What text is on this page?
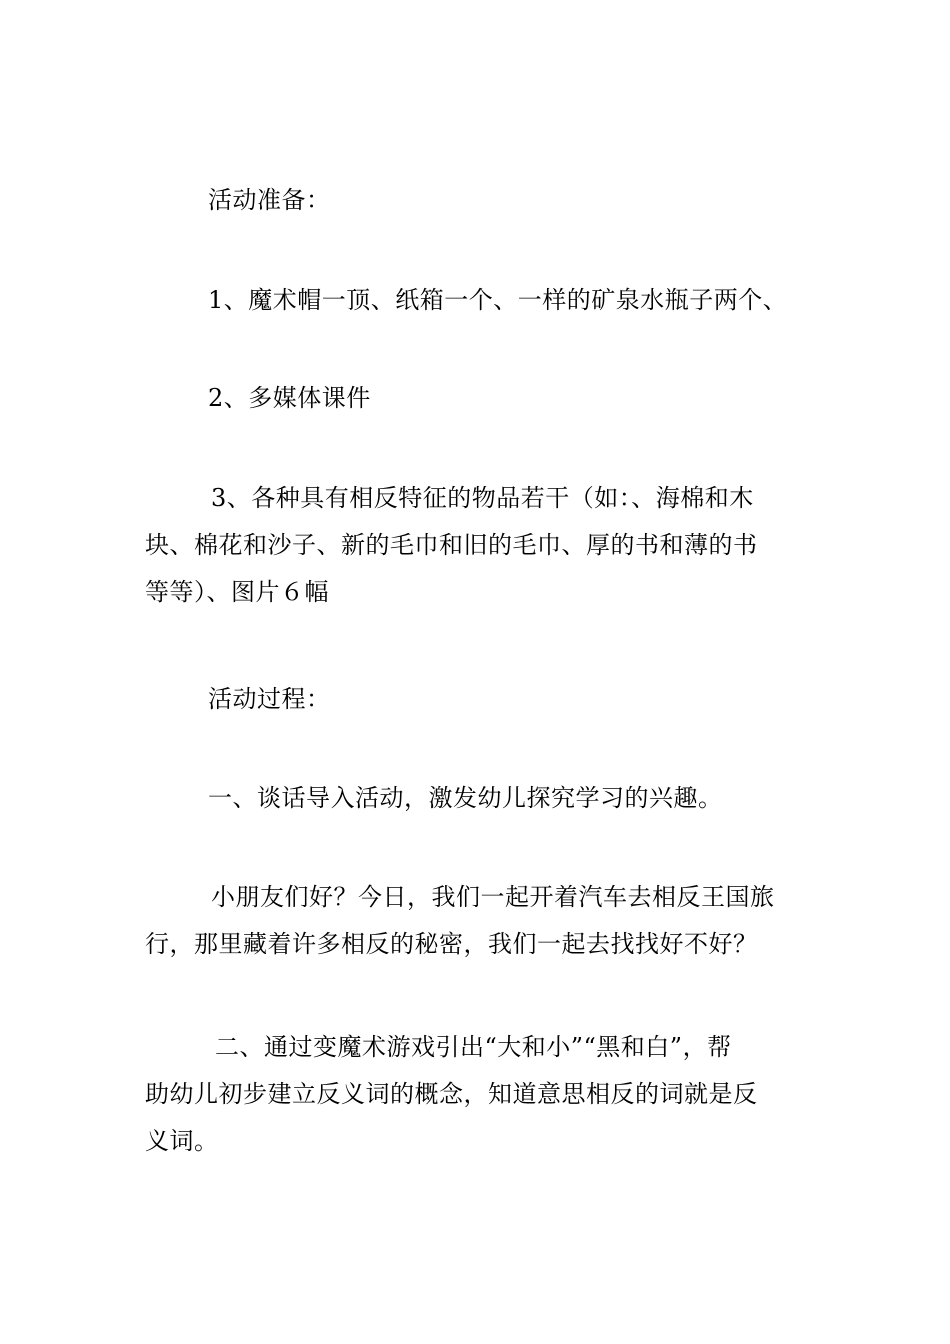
活动准备：

1、魔术帽一顶、纸箱一个、一样的矿泉水瓶子两个、

2、多媒体课件

3、各种具有相反特征的物品若干（如：、海棉和木
块、棉花和沙子、新的毛巾和旧的毛巾、厚的书和薄的书
等等）、图片６幅

活动过程：

一、谈话导入活动，激发幼儿探究学习的兴趣。

小朋友们好？今日，我们一起开着汽车去相反王国旅
行，那里藏着许多相反的秘密，我们一起去找找好不好？

二、通过变魔术游戏引出“大和小”“黑和白”，帮
助幼儿初步建立反义词的概念，知道意思相反的词就是反
义词。
